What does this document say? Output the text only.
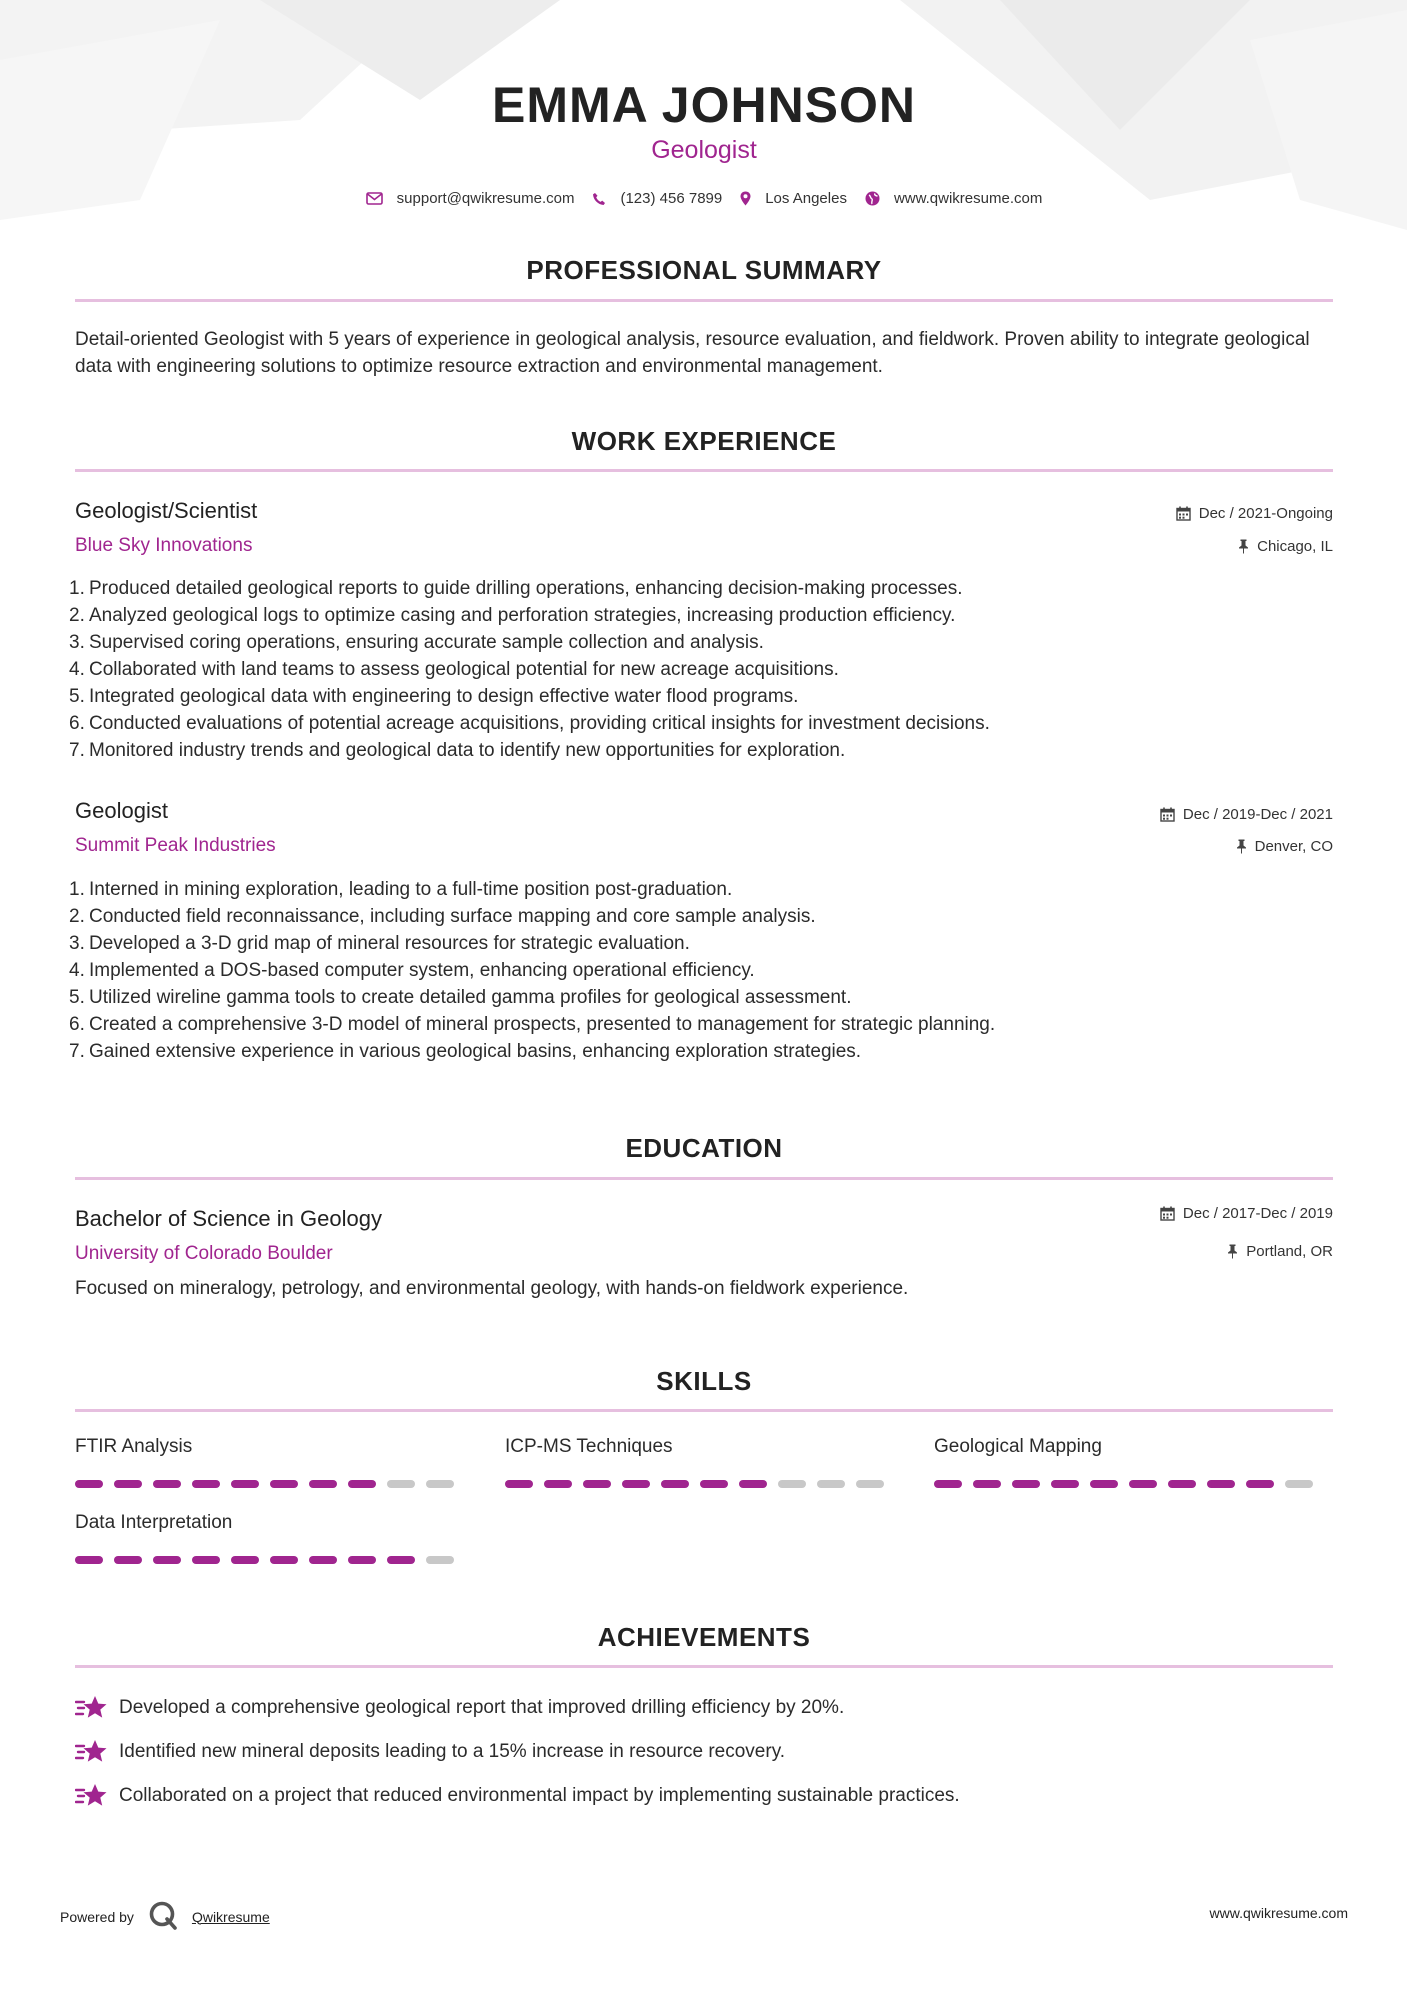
EMMA JOHNSON
Geologist
support@qwikresume.com	(123) 456 7899	Los Angeles	www.qwikresume.com
PROFESSIONAL SUMMARY
Detail-oriented Geologist with 5 years of experience in geological analysis, resource evaluation, and fieldwork. Proven ability to integrate geological data with engineering solutions to optimize resource extraction and environmental management.
WORK EXPERIENCE
Geologist/Scientist
Blue Sky Innovations
Dec / 2021-Ongoing
Chicago, IL
1. Produced detailed geological reports to guide drilling operations, enhancing decision-making processes.
2. Analyzed geological logs to optimize casing and perforation strategies, increasing production efficiency.
3. Supervised coring operations, ensuring accurate sample collection and analysis.
4. Collaborated with land teams to assess geological potential for new acreage acquisitions.
5. Integrated geological data with engineering to design effective water flood programs.
6. Conducted evaluations of potential acreage acquisitions, providing critical insights for investment decisions.
7. Monitored industry trends and geological data to identify new opportunities for exploration.
Geologist
Summit Peak Industries
Dec / 2019-Dec / 2021
Denver, CO
1. Interned in mining exploration, leading to a full-time position post-graduation.
2. Conducted field reconnaissance, including surface mapping and core sample analysis.
3. Developed a 3-D grid map of mineral resources for strategic evaluation.
4. Implemented a DOS-based computer system, enhancing operational efficiency.
5. Utilized wireline gamma tools to create detailed gamma profiles for geological assessment.
6. Created a comprehensive 3-D model of mineral prospects, presented to management for strategic planning.
7. Gained extensive experience in various geological basins, enhancing exploration strategies.
EDUCATION
Bachelor of Science in Geology
University of Colorado Boulder
Dec / 2017-Dec / 2019
Portland, OR
Focused on mineralogy, petrology, and environmental geology, with hands-on fieldwork experience.
SKILLS
FTIR Analysis	ICP-MS Techniques	Geological Mapping
Data Interpretation
ACHIEVEMENTS
Developed a comprehensive geological report that improved drilling efficiency by 20%.
Identified new mineral deposits leading to a 15% increase in resource recovery.
Collaborated on a project that reduced environmental impact by implementing sustainable practices.
Powered by	Qwikresume	www.qwikresume.com
